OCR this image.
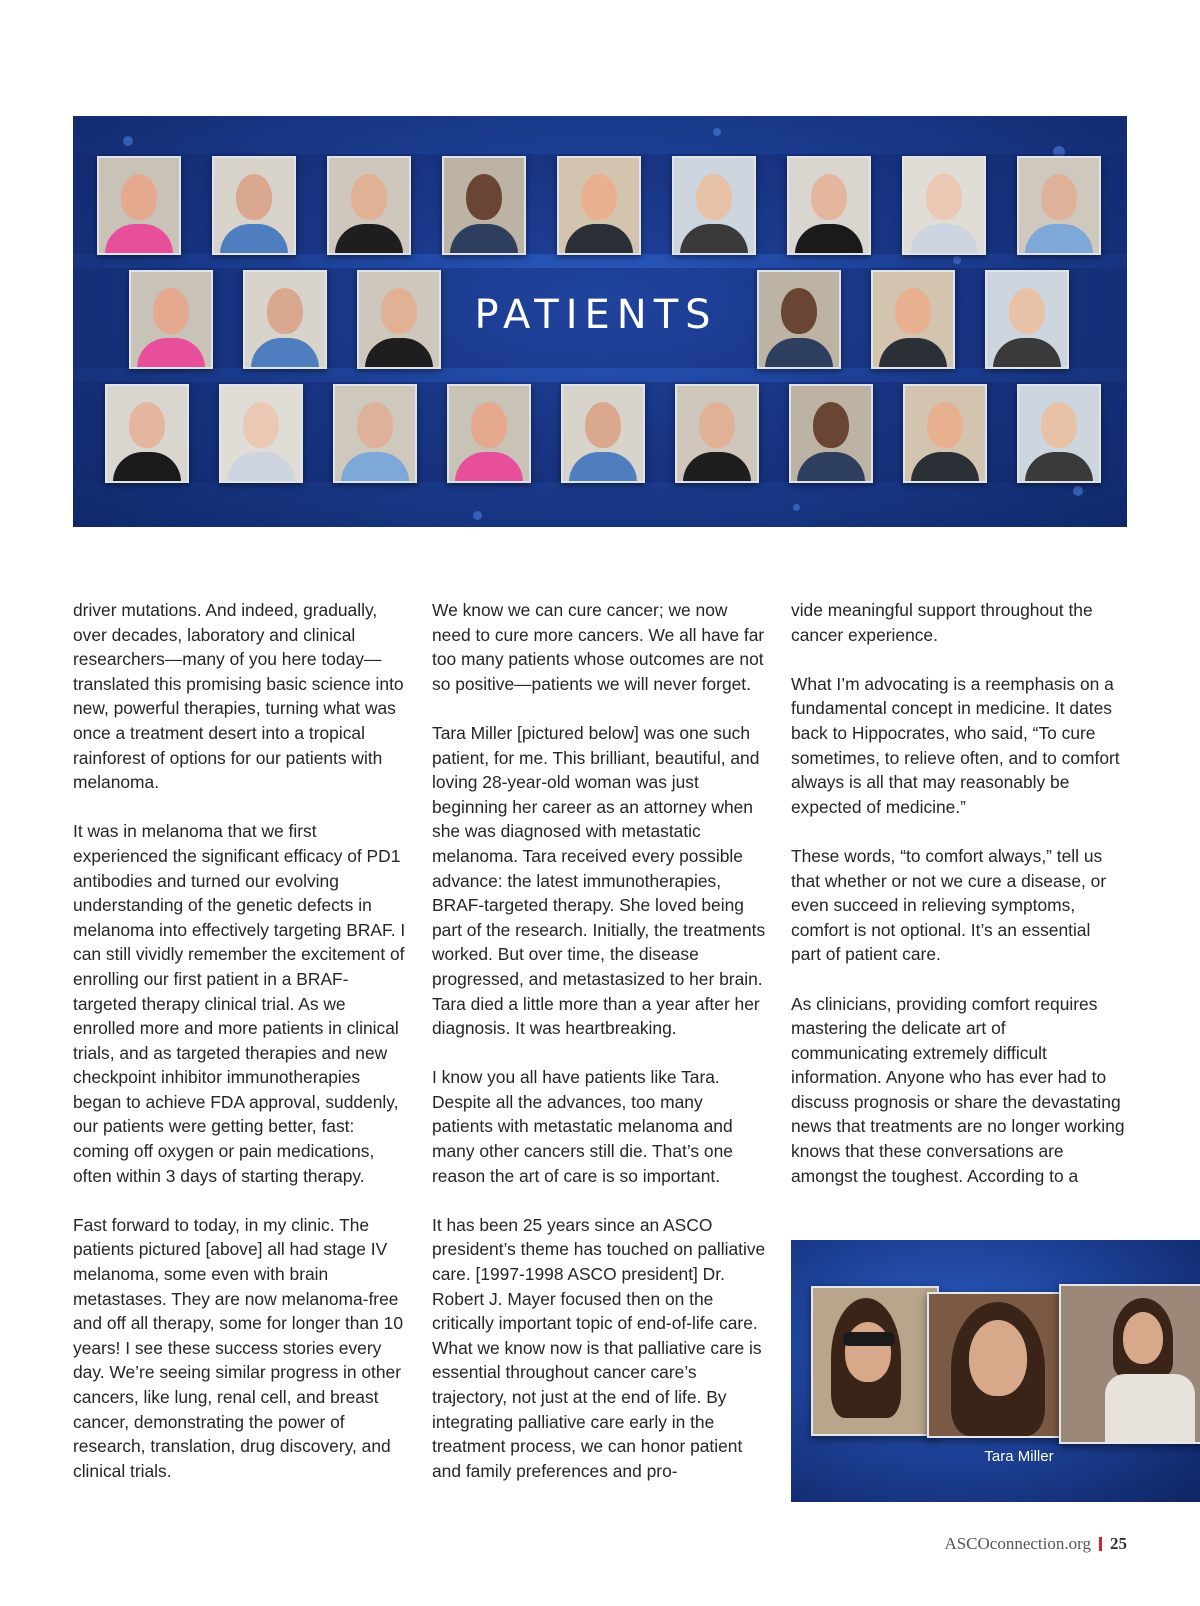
PATIENTS

driver mutations. And indeed, gradually, over decades, laboratory and clinical researchers—many of you here today—translated this promising basic science into new, powerful therapies, turning what was once a treatment desert into a tropical rainforest of options for our patients with melanoma.

It was in melanoma that we first experienced the significant efficacy of PD1 antibodies and turned our evolving understanding of the genetic defects in melanoma into effectively targeting BRAF. I can still vividly remember the excitement of enrolling our first patient in a BRAF-targeted therapy clinical trial. As we enrolled more and more patients in clinical trials, and as targeted therapies and new checkpoint inhibitor immunotherapies began to achieve FDA approval, suddenly, our patients were getting better, fast: coming off oxygen or pain medications, often within 3 days of starting therapy.

Fast forward to today, in my clinic. The patients pictured [above] all had stage IV melanoma, some even with brain metastases. They are now melanoma-free and off all therapy, some for longer than 10 years! I see these success stories every day. We’re seeing similar progress in other cancers, like lung, renal cell, and breast cancer, demonstrating the power of research, translation, drug discovery, and clinical trials.

We know we can cure cancer; we now need to cure more cancers. We all have far too many patients whose outcomes are not so positive—patients we will never forget.

Tara Miller [pictured below] was one such patient, for me. This brilliant, beautiful, and loving 28-year-old woman was just beginning her career as an attorney when she was diagnosed with metastatic melanoma. Tara received every possible advance: the latest immunotherapies, BRAF-targeted therapy. She loved being part of the research. Initially, the treatments worked. But over time, the disease progressed, and metastasized to her brain. Tara died a little more than a year after her diagnosis. It was heartbreaking.

I know you all have patients like Tara. Despite all the advances, too many patients with metastatic melanoma and many other cancers still die. That’s one reason the art of care is so important.

It has been 25 years since an ASCO president’s theme has touched on palliative care. [1997-1998 ASCO president] Dr. Robert J. Mayer focused then on the critically important topic of end-of-life care. What we know now is that palliative care is essential throughout cancer care’s trajectory, not just at the end of life. By integrating palliative care early in the treatment process, we can honor patient and family preferences and pro-

vide meaningful support throughout the cancer experience.

What I’m advocating is a reemphasis on a fundamental concept in medicine. It dates back to Hippocrates, who said, “To cure sometimes, to relieve often, and to comfort always is all that may reasonably be expected of medicine.”

These words, “to comfort always,” tell us that whether or not we cure a disease, or even succeed in relieving symptoms, comfort is not optional. It’s an essential part of patient care.

As clinicians, providing comfort requires mastering the delicate art of communicating extremely difficult information. Anyone who has ever had to discuss prognosis or share the devastating news that treatments are no longer working knows that these conversations are amongst the toughest. According to a

Tara Miller
ASCOconnection.org 25
